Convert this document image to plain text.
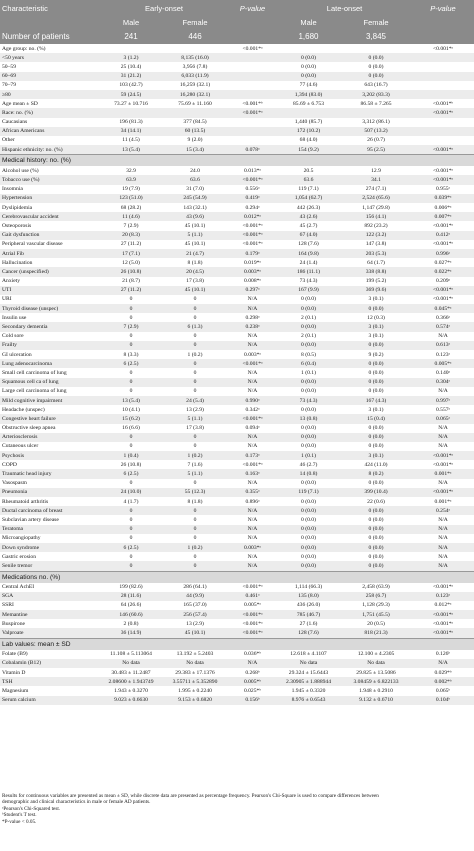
Characteristic	Early-onset		P-value	Late-onset		P-value
	Male	Female		Male	Female	
Number of patients	241	446		1,680	3,845	
Age group: no. (%)			<0.001*ᵃ			<0.001*ᵃ
<50 years	3 (1.2)	8,135 (16.0)		0 (0.0)	0 (0.0)	
50–59	25 (10.4)	3,956 (7.8)		0 (0.0)	0 (0.0)	
60–69	31 (21.2)	6,033 (11.9)		0 (0.0)	0 (0.0)	
70–79	103 (42.7)	16,259 (32.1)		77 (4.6)	643 (16.7)	
≥80	59 (24.5)	16,280 (32.1)		1,394 (83.0)	3,202 (83.3)	
Age mean ± SD	73.27 ± 10.716	75.69 ± 11.160	<0.001*ᵇ	85.69 ± 6.753	86.58 ± 7.265	<0.001*ᵇ
Race: no. (%)			<0.001*ᵃ			<0.001*ᵃ
Caucasians	196 (81.3)	377 (84.5)		1,440 (85.7)	3,312 (86.1)	
African Americans	34 (14.1)	60 (13.5)		172 (10.2)	507 (13.2)	
Other	11 (4.5)	9 (2.0)		68 (4.0)	26 (0.7)	
Hispanic ethnicity: no. (%)	13 (5.4)	15 (3.4)	0.078ᵃ	154 (9.2)	95 (2.5)	<0.001*ᵃ
Medical history: no. (%)						
Alcohol use (%)	32.9	24.0	0.013*ᵃ	20.5	12.9	<0.001*ᵃ
Tobacco use (%)	63.9	63.6	<0.001*ᵃ	63.6	34.1	<0.001*ᵃ
Insomnia	19 (7.9)	31 (7.0)	0.556ᵃ	119 (7.1)	274 (7.1)	0.955ᵃ
Hypertension	123 (51.0)	245 (54.9)	0.419ᵃ	1,054 (62.7)	2,524 (65.6)	0.039*ᵃ
Dyslipidemia	68 (28.2)	143 (32.1)	0.294ᵃ	442 (26.3)	1,147 (29.8)	0.006*ᵃ
Cerebrovascular accident	11 (4.6)	43 (9.6)	0.012*ᵃ	43 (2.6)	156 (4.1)	0.007*ᵃ
Osteoporosis	7 (2.9)	45 (10.1)	<0.001*ᵃ	45 (2.7)	892 (23.2)	<0.001*ᵃ
Gait dysfunction	20 (8.3)	5 (1.1)	<0.001*ᵃ	67 (4.0)	122 (3.2)	0.412ᵃ
Peripheral vascular disease	27 (11.2)	45 (10.1)	<0.001*ᵃ	128 (7.6)	147 (3.8)	<0.001*ᵃ
Atrial Fib	17 (7.1)	21 (4.7)	0.179ᵃ	164 (9.8)	203 (5.3)	0.996ᵃ
Hallucination	12 (5.0)	8 (1.8)	0.019*ᵃ	24 (1.4)	64 (1.7)	0.027*ᵃ
Cancer (unspecified)	26 (10.8)	20 (4.5)	0.003*ᵃ	186 (11.1)	338 (8.8)	0.022*ᵃ
Anxiety	21 (8.7)	17 (3.8)	0.008*ᵃ	73 (4.3)	199 (5.2)	0.209ᵃ
UTI	27 (11.2)	45 (10.1)	0.297ᵃ	167 (9.9)	369 (9.6)	<0.001*ᵃ
URI	0	0	N/A	0 (0.0)	3 (0.1)	<0.001*ᵃ
Thyroid disease (unspec)	0	0	N/A	0 (0.0)	0 (0.0)	0.045*ᵃ
Insulin use	0	0	0.298ᵃ	2 (0.1)	12 (0.3)	0.366ᵃ
Secondary dementia	7 (2.9)	6 (1.3)	0.238ᵃ	0 (0.0)	3 (0.1)	0.574ᵃ
Cold sore	0	0	N/A	2 (0.1)	3 (0.1)	N/A
Frailty	0	0	N/A	0 (0.0)	0 (0.0)	0.613ᵃ
GI ulceration	8 (3.3)	1 (0.2)	0.003*ᵃ	8 (0.5)	9 (0.2)	0.123ᵃ
Lung adenocarcinoma	6 (2.5)	0	<0.001*ᵃ	6 (0.4)	0 (0.0)	0.005*ᵃ
Small cell carcinoma of lung	0	0	N/A	1 (0.1)	0 (0.0)	0.140ᵃ
Squamous cell ca of lung	0	0	N/A	0 (0.0)	0 (0.0)	0.304ᵃ
Large cell carcinoma of lung	0	0	N/A	0 (0.0)	0 (0.0)	N/A
Mild cognitive impairment	13 (5.4)	24 (5.4)	0.990ᵃ	73 (4.3)	167 (4.3)	0.997ᵃ
Headache (unspec)	10 (4.1)	13 (2.9)	0.342ᵃ	0 (0.0)	3 (0.1)	0.557ᵃ
Congestive heart failure	15 (6.2)	5 (1.1)	<0.001*ᵃ	13 (0.8)	15 (0.4)	0.065ᵃ
Obstructive sleep apnea	16 (6.6)	17 (3.8)	0.094ᵃ	0 (0.0)	0 (0.0)	N/A
Arteriosclerosis	0	0	N/A	0 (0.0)	0 (0.0)	N/A
Cutaneous ulcer	0	0	N/A	0 (0.0)	0 (0.0)	N/A
Psychosis	1 (0.4)	1 (0.2)	0.173ᵃ	1 (0.1)	3 (0.1)	<0.001*ᵃ
COPD	26 (10.8)	7 (1.6)	<0.001*ᵃ	46 (2.7)	424 (11.0)	<0.001*ᵃ
Traumatic head injury	6 (2.5)	5 (1.1)	0.163ᵃ	14 (0.8)	8 (0.2)	0.001*ᵃ
Vasospasm	0	0	N/A	0 (0.0)	0 (0.0)	N/A
Pneumonia	24 (10.0)	55 (12.3)	0.355ᵃ	119 (7.1)	399 (10.4)	<0.001*ᵃ
Rheumatoid arthritis	4 (1.7)	8 (1.8)	0.896ᵃ	0 (0.0)	22 (0.6)	0.001*ᵃ
Ductal carcinoma of breast	0	0	N/A	0 (0.0)	0 (0.0)	0.254ᵃ
Subclavian artery disease	0	0	N/A	0 (0.0)	0 (0.0)	N/A
Teratoma	0	0	N/A	0 (0.0)	0 (0.0)	N/A
Microangiopathy	0	0	N/A	0 (0.0)	0 (0.0)	N/A
Down syndrome	6 (2.5)	1 (0.2)	0.003*ᵃ	0 (0.0)	0 (0.0)	N/A
Gastric erosion	0	0	N/A	0 (0.0)	0 (0.0)	N/A
Senile tremor	0	0	N/A	0 (0.0)	0 (0.0)	N/A
Medications no. (%)						
Central AchEI	199 (82.6)	286 (64.1)	<0.001*ᵃ	1,114 (66.3)	2,458 (63.9)	<0.001*ᵃ
SGA	28 (11.6)	44 (9.9)	0.461ᵃ	135 (8.0)	258 (6.7)	0.123ᵃ
SSRI	64 (26.6)	165 (37.0)	0.005*ᵃ	436 (26.0)	1,128 (29.3)	0.012*ᵃ
Memantine	146 (60.6)	256 (57.4)	<0.001*ᵃ	785 (46.7)	1,751 (45.5)	<0.001*ᵃ
Buspirone	2 (0.8)	13 (2.9)	<0.001*ᵃ	27 (1.6)	20 (0.5)	<0.001*ᵃ
Valproate	36 (14.9)	45 (10.1)	<0.001*ᵃ	128 (7.6)	818 (21.3)	<0.001*ᵃ
Lab values: mean ± SD						
Folate (B9)	11.108 ± 5.113064	13.192 ± 5.2403	0.036*ᵇ	12.618 ± 4.1107	12.100 ± 4.2305	0.126ᵇ
Cobalamin (B12)	No data	No data	N/A	No data	No data	N/A
Vitamin D	30.483 ± 11.2487	29.383 ± 17.1376	0.268ᵇ	29.324 ± 15.6443	29.825 ± 13.5086	0.029*ᵇ
TSH	2.08600 ± 1.943749	3.55711 ± 5.352890	0.005*ᵇ	2.30905 ± 1.888944	3.08459 ± 6.822133	0.002*ᵇ
Magnesium	1.943 ± 0.3270	1.995 ± 0.2240	0.025*ᵇ	1.945 ± 0.3320	1.948 ± 0.2910	0.065ᵇ
Serum calcium	9.023 ± 0.6630	9.153 ± 0.6820	0.156ᵇ	8.976 ± 0.6543	9.132 ± 0.6710	0.104ᵇ
Results for continuous variables are presented as mean ± SD, while discrete data are presented as percentage frequency. Pearson's Chi-Square is used to compare differences between
demographic and clinical characteristics in male or female AD patients.
ᵃPearson's Chi-Squared test.
ᵇStudent's T test.
*P-value < 0.05.
